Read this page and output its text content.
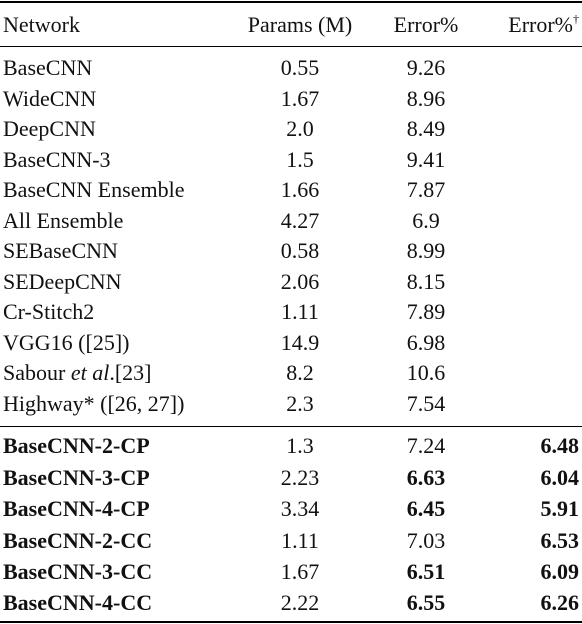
Network	Params (M)	Error%	Error%†
BaseCNN	0.55	9.26
WideCNN	1.67	8.96
DeepCNN	2.0	8.49
BaseCNN-3	1.5	9.41
BaseCNN Ensemble	1.66	7.87
All Ensemble	4.27	6.9
SEBaseCNN	0.58	8.99
SEDeepCNN	2.06	8.15
Cr-Stitch2	1.11	7.89
VGG16 ([25])	14.9	6.98
Sabour et al.[23]	8.2	10.6
Highway* ([26, 27])	2.3	7.54
BaseCNN-2-CP	1.3	7.24	6.48
BaseCNN-3-CP	2.23	6.63	6.04
BaseCNN-4-CP	3.34	6.45	5.91
BaseCNN-2-CC	1.11	7.03	6.53
BaseCNN-3-CC	1.67	6.51	6.09
BaseCNN-4-CC	2.22	6.55	6.26
